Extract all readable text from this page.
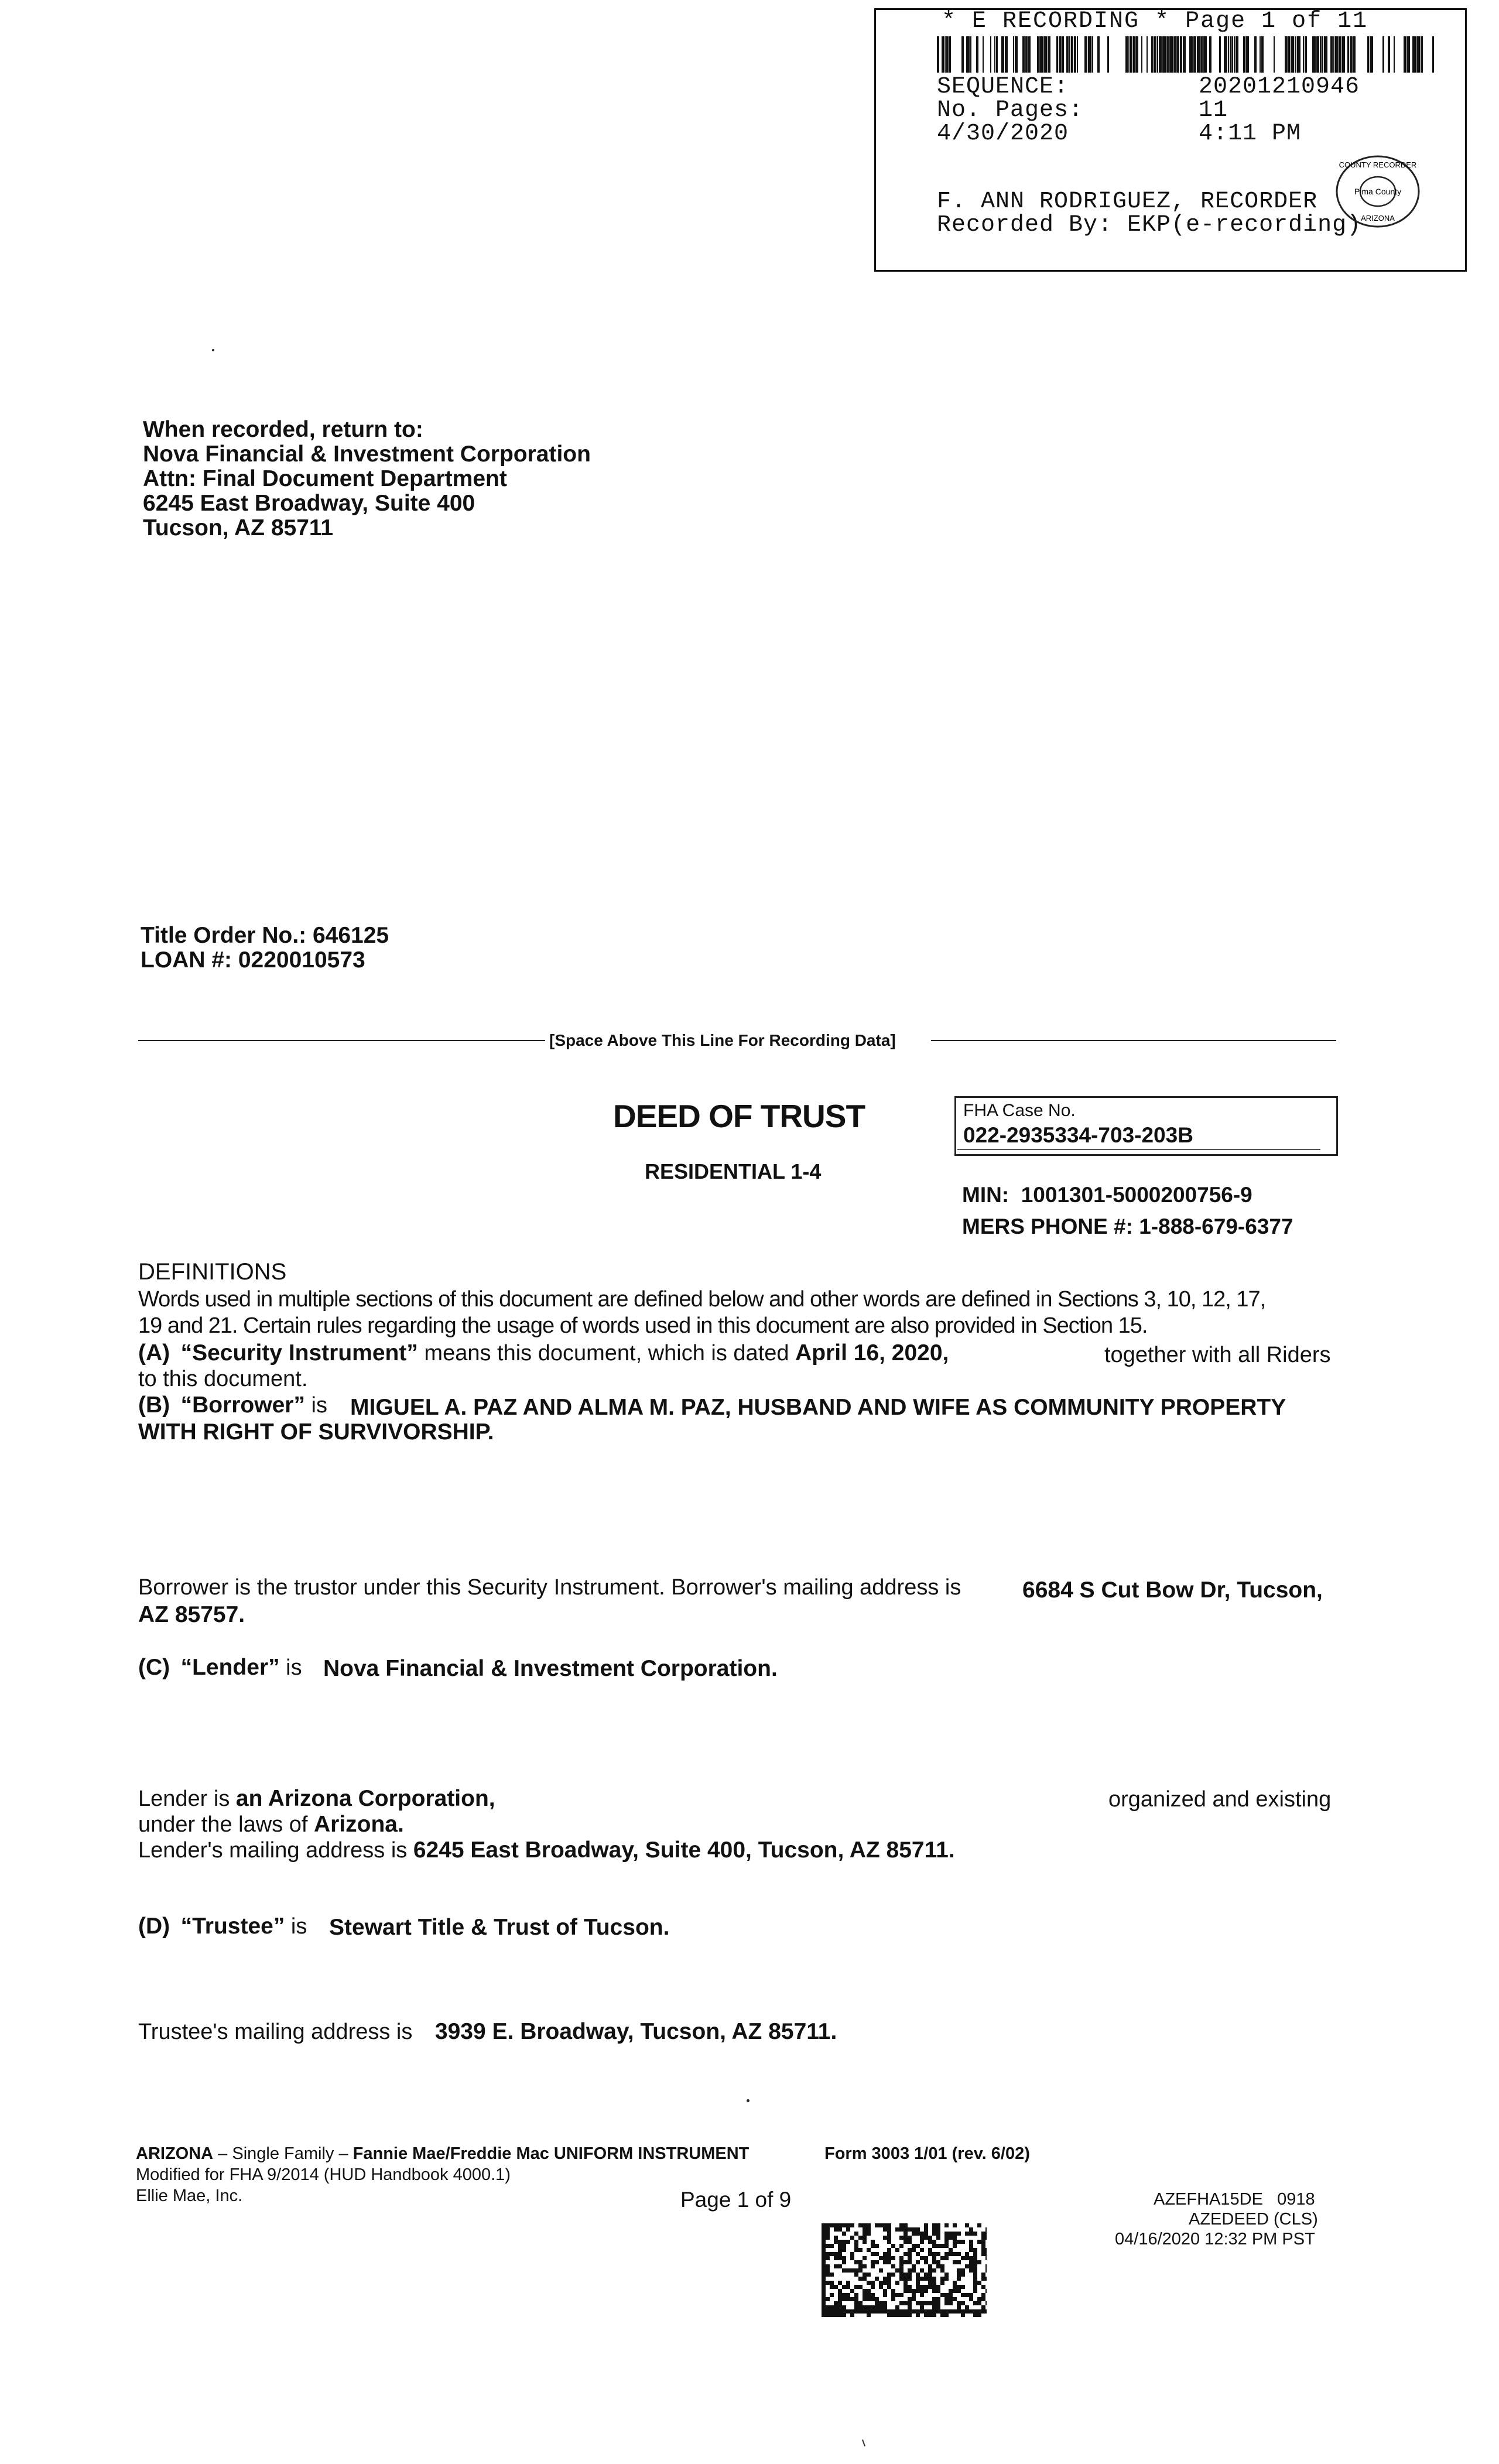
* E RECORDING * Page 1 of 11
SEQUENCE:	20201210946
No. Pages:	11
4/30/2020	4:11 PM
F. ANN RODRIGUEZ, RECORDER
Recorded By: EKP(e-recording)
Pima County
COUNTY RECORDER
ARIZONA
When recorded, return to:
Nova Financial & Investment Corporation
Attn: Final Document Department
6245 East Broadway, Suite 400
Tucson, AZ 85711
Title Order No.: 646125
LOAN #: 0220010573
[Space Above This Line For Recording Data]
DEED OF TRUST
RESIDENTIAL 1-4
FHA Case No.
022-2935334-703-203B
MIN:  1001301-5000200756-9
MERS PHONE #: 1-888-679-6377
DEFINITIONS
Words used in multiple sections of this document are defined below and other words are defined in Sections 3, 10, 12, 17,
19 and 21. Certain rules regarding the usage of words used in this document are also provided in Section 15.
(A) “Security Instrument” means this document, which is dated April 16, 2020,	together with all Riders
to this document.
(B) “Borrower” is MIGUEL A. PAZ AND ALMA M. PAZ, HUSBAND AND WIFE AS COMMUNITY PROPERTY
WITH RIGHT OF SURVIVORSHIP.
Borrower is the trustor under this Security Instrument. Borrower's mailing address is	6684 S Cut Bow Dr, Tucson,
AZ 85757.
(C) “Lender” is Nova Financial & Investment Corporation.
Lender is an Arizona Corporation,	organized and existing
under the laws of Arizona.
Lender's mailing address is 6245 East Broadway, Suite 400, Tucson, AZ 85711.
(D) “Trustee” is Stewart Title & Trust of Tucson.
Trustee's mailing address is 3939 E. Broadway, Tucson, AZ 85711.
ARIZONA – Single Family – Fannie Mae/Freddie Mac UNIFORM INSTRUMENT	Form 3003 1/01 (rev. 6/02)
Modified for FHA 9/2014 (HUD Handbook 4000.1)
Ellie Mae, Inc.	Page 1 of 9	AZEFHA15DE   0918
AZEDEED (CLS)
04/16/2020 12:32 PM PST
